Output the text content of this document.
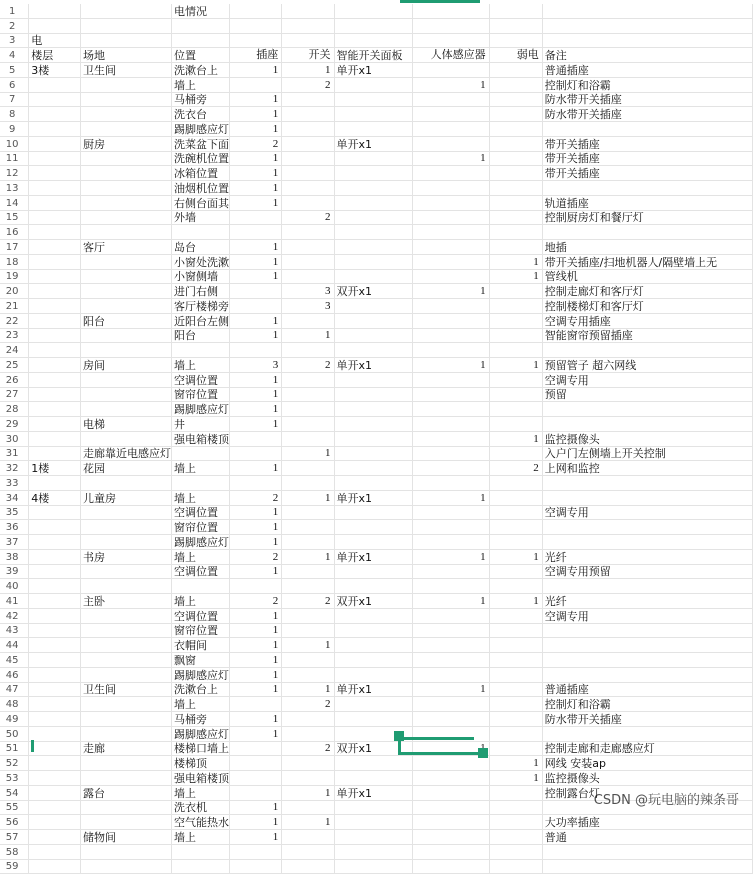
1			电情况						
2									
3	电								
4	楼层	场地	位置	插座	开关	智能开关面板	人体感应器	弱电	备注
5	3楼	卫生间	洗漱台上	1	1	单开x1			普通插座
6			墙上		2		1		控制灯和浴霸
7			马桶旁	1					防水带开关插座
8			洗衣台	1					防水带开关插座
9			踢脚感应灯	1					
10		厨房	洗菜盆下面	2		单开x1			带开关插座
11			洗碗机位置	1			1		带开关插座
12			冰箱位置	1					带开关插座
13			油烟机位置	1					
14			右侧台面其	1					轨道插座
15			外墙		2				控制厨房灯和餐厅灯
16									
17		客厅	岛台	1					地插
18			小窗处洗漱	1				1	带开关插座/扫地机器人/隔壁墙上无
19			小窗侧墙	1				1	管线机
20			进门右侧		3	双开x1	1		控制走廊灯和客厅灯
21			客厅楼梯旁		3				控制楼梯灯和客厅灯
22		阳台	近阳台左侧	1					空调专用插座
23			阳台	1	1				智能窗帘预留插座
24									
25		房间	墙上	3	2	单开x1	1	1	预留管子 超六网线
26			空调位置	1					空调专用
27			窗帘位置	1					预留
28			踢脚感应灯	1					
29		电梯	井	1					
30			强电箱楼顶					1	监控摄像头
31		走廊靠近电感应灯			1				入户门左侧墙上开关控制
32	1楼	花园	墙上	1				2	上网和监控
33									
34	4楼	儿童房	墙上	2	1	单开x1	1		
35			空调位置	1					空调专用
36			窗帘位置	1					
37			踢脚感应灯	1					
38		书房	墙上	2	1	单开x1	1	1	光纤
39			空调位置	1					空调专用预留
40									
41		主卧	墙上	2	2	双开x1	1	1	光纤
42			空调位置	1					空调专用
43			窗帘位置	1					
44			衣帽间	1	1				
45			飘窗	1					
46			踢脚感应灯	1					
47		卫生间	洗漱台上	1	1	单开x1	1		普通插座
48			墙上		2				控制灯和浴霸
49			马桶旁	1					防水带开关插座
50			踢脚感应灯	1					
51		走廊	楼梯口墙上		2	双开x1			控制走廊和走廊感应灯
52			楼梯顶					1	网线 安装ap
53			强电箱楼顶					1	监控摄像头
54		露台	墙上		1	单开x1			控制露台灯
55			洗衣机	1					
56			空气能热水	1	1				大功率插座
57		储物间	墙上	1					普通
58									
59									
CSDN @玩电脑的辣条哥
